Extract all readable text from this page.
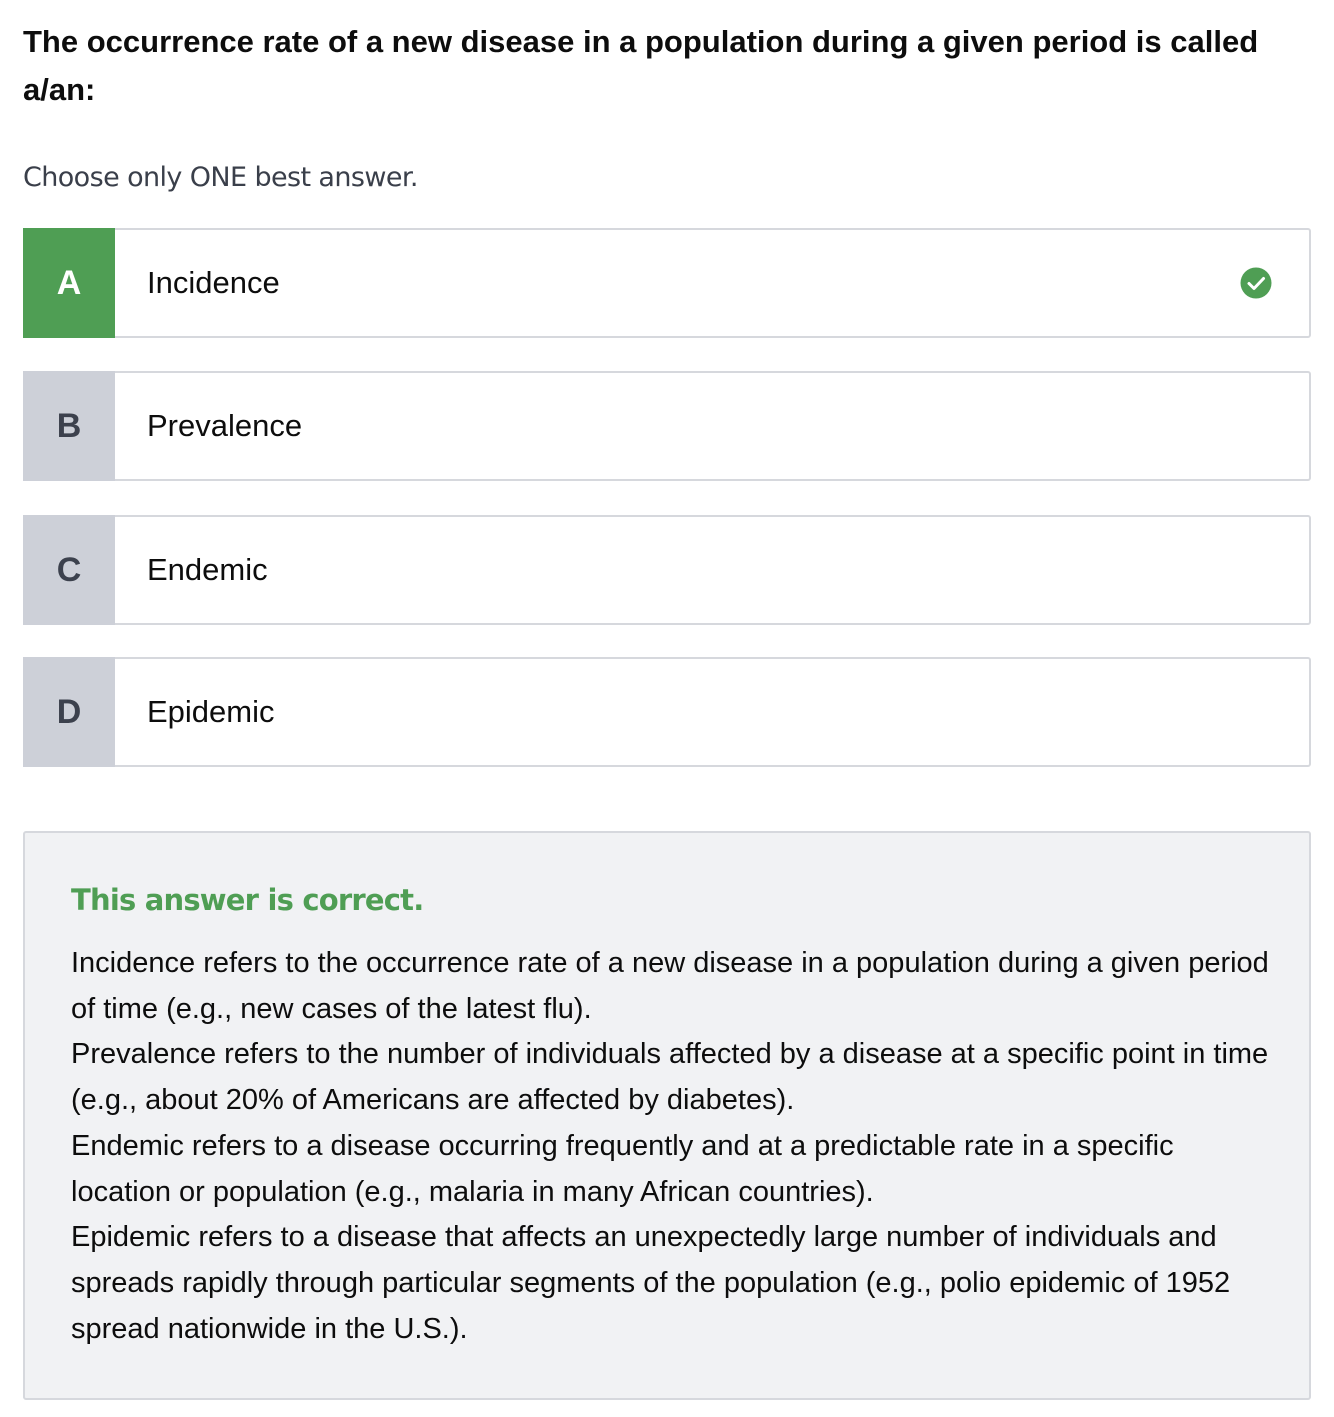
The occurrence rate of a new disease in a population during a given period is called a/an:
Choose only ONE best answer.
A	Incidence
B	Prevalence
C	Endemic
D	Epidemic
This answer is correct.

Incidence refers to the occurrence rate of a new disease in a population during a given period of time (e.g., new cases of the latest flu).

Prevalence refers to the number of individuals affected by a disease at a specific point in time (e.g., about 20% of Americans are affected by diabetes).

Endemic refers to a disease occurring frequently and at a predictable rate in a specific location or population (e.g., malaria in many African countries).

Epidemic refers to a disease that affects an unexpectedly large number of individuals and spreads rapidly through particular segments of the population (e.g., polio epidemic of 1952 spread nationwide in the U.S.).
